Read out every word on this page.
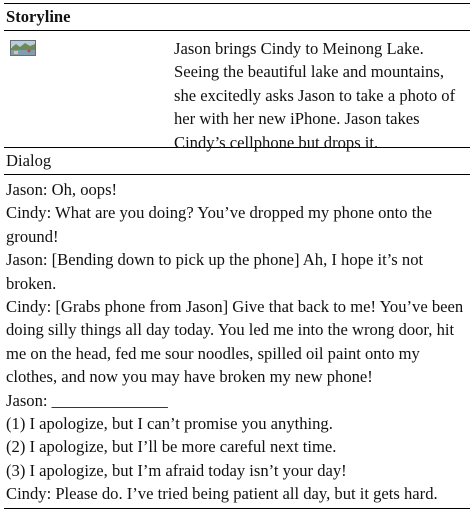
Storyline
Jason brings Cindy to Meinong Lake. Seeing the beautiful lake and mountains, she excitedly asks Jason to take a photo of her with her new iPhone. Jason takes Cindy’s cellphone but drops it.
Dialog

Jason: Oh, oops!

Cindy: What are you doing? You’ve dropped my phone onto the ground!

Jason: [Bending down to pick up the phone] Ah, I hope it’s not broken.

Cindy: [Grabs phone from Jason] Give that back to me! You’ve been doing silly things all day today. You led me into the wrong door, hit me on the head, fed me sour noodles, spilled oil paint onto my clothes, and now you may have broken my new phone!

Jason: ______________

(1) I apologize, but I can’t promise you anything.

(2) I apologize, but I’ll be more careful next time.

(3) I apologize, but I’m afraid today isn’t your day!

Cindy: Please do. I’ve tried being patient all day, but it gets hard.
